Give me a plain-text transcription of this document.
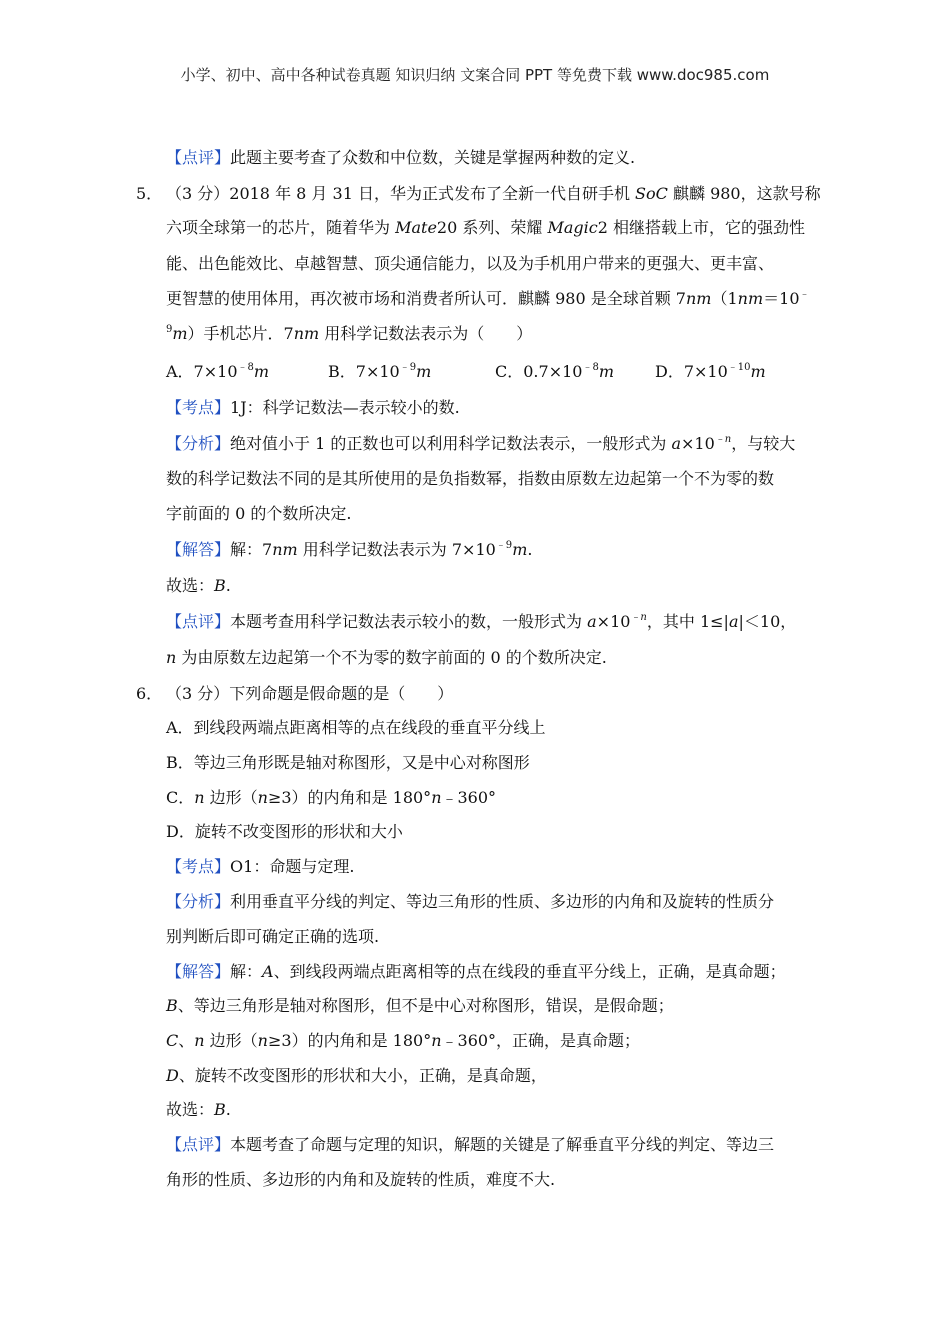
小学、初中、高中各种试卷真题 知识归纳 文案合同 PPT 等免费下载 www.doc985.com
【点评】此题主要考查了众数和中位数，关键是掌握两种数的定义.
5． （3 分）2018 年 8 月 31 日，华为正式发布了全新一代自研手机 SoC 麒麟 980，这款号称
六项全球第一的芯片，随着华为 Mate20 系列、荣耀 Magic2 相继搭载上市，它的强劲性
能、出色能效比、卓越智慧、顶尖通信能力，以及为手机用户带来的更强大、更丰富、
更智慧的使用体用，再次被市场和消费者所认可．麒麟 980 是全球首颗 7nm（1nm＝10﹣
$^9$m）手机芯片．7nm 用科学记数法表示为（　　）
A．$7\times 10^{﹣8}m$	B．$7\times 10^{﹣9}m$	C．$0.7\times 10^{﹣8}m$	D．$7\times 10^{﹣10}m$
【考点】1J：科学记数法—表示较小的数.
【分析】绝对值小于 1 的正数也可以利用科学记数法表示，一般形式为 $a\times 10^{﹣n}$，与较大
数的科学记数法不同的是其所使用的是负指数幂，指数由原数左边起第一个不为零的数
字前面的 0 的个数所决定.
【解答】解：7nm 用科学记数法表示为 $7\times 10^{﹣9}m$.
故选：B.
【点评】本题考查用科学记数法表示较小的数，一般形式为 $a\times 10^{﹣n}$，其中 1≤|a|＜10，
n 为由原数左边起第一个不为零的数字前面的 0 的个数所决定.
6． （3 分）下列命题是假命题的是（　　）
A．到线段两端点距离相等的点在线段的垂直平分线上
B．等边三角形既是轴对称图形，又是中心对称图形
C．n 边形（n≥3）的内角和是 180°n﹣360°
D．旋转不改变图形的形状和大小
【考点】O1：命题与定理.
【分析】利用垂直平分线的判定、等边三角形的性质、多边形的内角和及旋转的性质分
别判断后即可确定正确的选项.
【解答】解：A、到线段两端点距离相等的点在线段的垂直平分线上，正确，是真命题；
B、等边三角形是轴对称图形，但不是中心对称图形，错误，是假命题；
C、n 边形（n≥3）的内角和是 180°n﹣360°，正确，是真命题；
D、旋转不改变图形的形状和大小，正确，是真命题，
故选：B.
【点评】本题考查了命题与定理的知识，解题的关键是了解垂直平分线的判定、等边三
角形的性质、多边形的内角和及旋转的性质，难度不大.
